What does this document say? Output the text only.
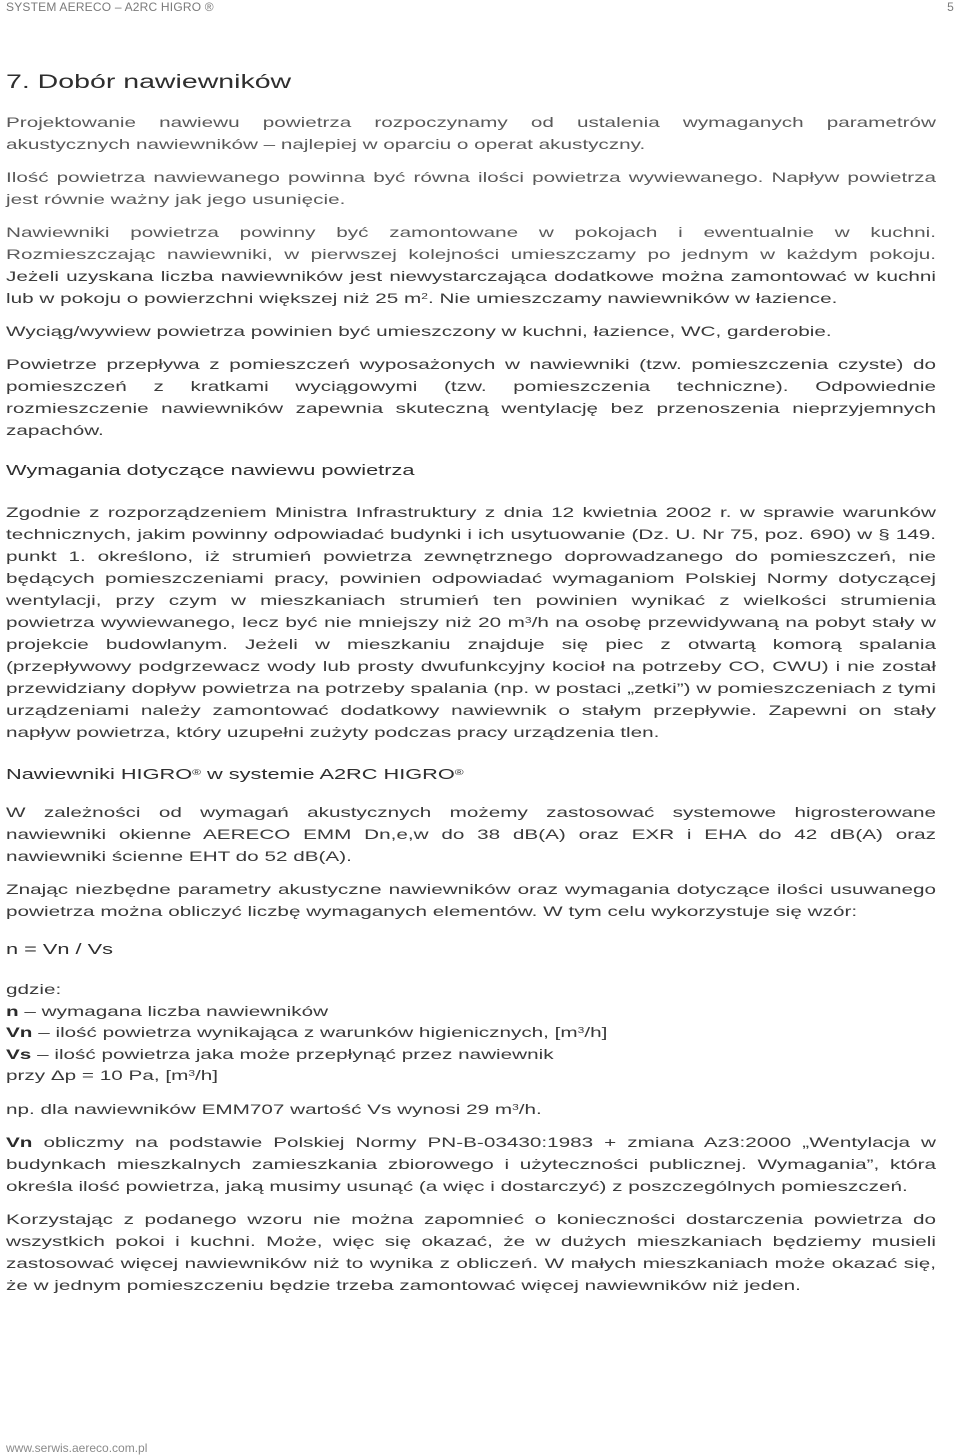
SYSTEM AERECO – A2RC HIGRO ®	5
7. Dobór nawiewników

Projektowanie nawiewu powietrza rozpoczynamy od ustalenia wymaganych parametrów akustycznych nawiewników – najlepiej w oparciu o operat akustyczny.

Ilość powietrza nawiewanego powinna być równa ilości powietrza wywiewanego. Napływ powietrza jest równie ważny jak jego usunięcie.

Nawiewniki powietrza powinny być zamontowane w pokojach i ewentualnie w kuchni. Rozmieszczając nawiewniki, w pierwszej kolejności umieszczamy po jednym w każdym pokoju. Jeżeli uzyskana liczba nawiewników jest niewystarczająca dodatkowe można zamontować w kuchni lub w pokoju o powierzchni większej niż 25 $m^2$. Nie umieszczamy nawiewników w łazience.

Wyciąg/wywiew powietrza powinien być umieszczony w kuchni, łazience, WC, garderobie.

Powietrze przepływa z pomieszczeń wyposażonych w nawiewniki (tzw. pomieszczenia czyste) do pomieszczeń z kratkami wyciągowymi (tzw. pomieszczenia techniczne). Odpowiednie rozmieszczenie nawiewników zapewnia skuteczną wentylację bez przenoszenia nieprzyjemnych zapachów.

Wymagania dotyczące nawiewu powietrza

Zgodnie z rozporządzeniem Ministra Infrastruktury z dnia 12 kwietnia 2002 r. w sprawie warunków technicznych, jakim powinny odpowiadać budynki i ich usytuowanie (Dz. U. Nr 75, poz. 690) w § 149. punkt 1. określono, iż strumień powietrza zewnętrznego doprowadzanego do pomieszczeń, nie będących pomieszczeniami pracy, powinien odpowiadać wymaganiom Polskiej Normy dotyczącej wentylacji, przy czym w mieszkaniach strumień ten powinien wynikać z wielkości strumienia powietrza wywiewanego, lecz być nie mniejszy niż 20 $m^3/h$ na osobę przewidywaną na pobyt stały w projekcie budowlanym. Jeżeli w mieszkaniu znajduje się piec z otwartą komorą spalania (przepływowy podgrzewacz wody lub prosty dwufunkcyjny kocioł na potrzeby CO, CWU) i nie został przewidziany dopływ powietrza na potrzeby spalania (np. w postaci „zetki”) w pomieszczeniach z tymi urządzeniami należy zamontować dodatkowy nawiewnik o stałym przepływie. Zapewni on stały napływ powietrza, który uzupełni zużyty podczas pracy urządzenia tlen.

Nawiewniki HIGRO® w systemie A2RC HIGRO®

W zależności od wymagań akustycznych możemy zastosować systemowe higrosterowane nawiewniki okienne AERECO EMM Dn,e,w do 38 dB(A) oraz EXR i EHA do 42 dB(A) oraz nawiewniki ścienne EHT do 52 dB(A).

Znając niezbędne parametry akustyczne nawiewników oraz wymagania dotyczące ilości usuwanego powietrza można obliczyć liczbę wymaganych elementów. W tym celu wykorzystuje się wzór:

n = Vn / Vs
gdzie:
n – wymagana liczba nawiewników
Vn – ilość powietrza wynikająca z warunków higienicznych, $[m^3/h]$
Vs – ilość powietrza jaka może przepłynąć przez nawiewnik
przy Δp = 10 Pa, $[m^3/h]$

np. dla nawiewników EMM707 wartość Vs wynosi 29 $m^3/h$.

Vn obliczmy na podstawie Polskiej Normy PN-B-03430:1983 + zmiana Az3:2000 „Wentylacja w budynkach mieszkalnych zamieszkania zbiorowego i użyteczności publicznej. Wymagania”, która określa ilość powietrza, jaką musimy usunąć (a więc i dostarczyć) z poszczególnych pomieszczeń.

Korzystając z podanego wzoru nie można zapomnieć o konieczności dostarczenia powietrza do wszystkich pokoi i kuchni. Może, więc się okazać, że w dużych mieszkaniach będziemy musieli zastosować więcej nawiewników niż to wynika z obliczeń. W małych mieszkaniach może okazać się, że w jednym pomieszczeniu będzie trzeba zamontować więcej nawiewników niż jeden.

www.serwis.aereco.com.pl
